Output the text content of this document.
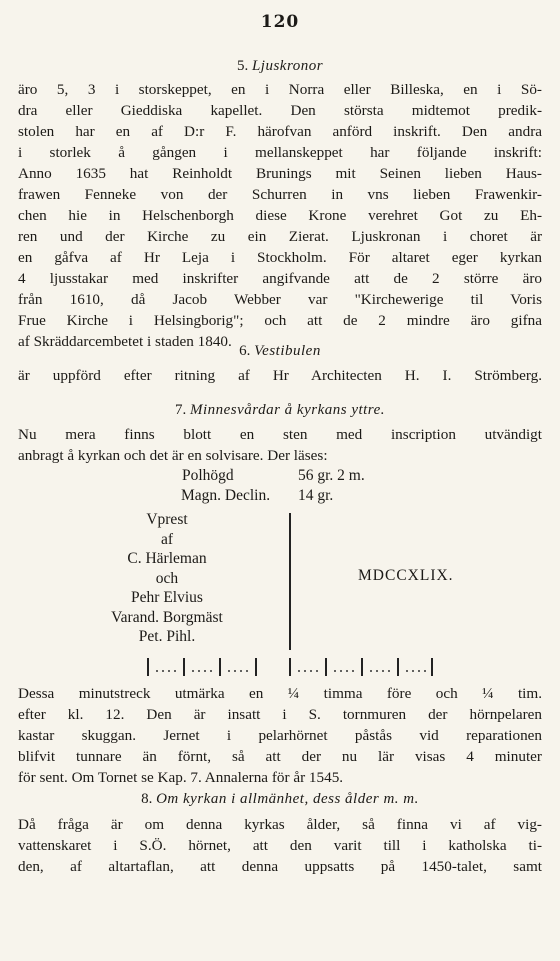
120
5. Ljuskronor
äro 5, 3 i storskeppet, en i Norra eller Billeska, en i Sö-
dra eller Gieddiska kapellet. Den största midtemot predik-
stolen har en af D:r F. härofvan anförd inskrift. Den andra
i storlek å gången i mellanskeppet har följande inskrift:
Anno 1635 hat Reinholdt Brunings mit Seinen lieben Haus-
frawen Fenneke von der Schurren in vns lieben Frawenkir-
chen hie in Helschenborgh diese Krone verehret Got zu Eh-
ren und der Kirche zu ein Zierat. Ljuskronan i choret är
en gåfva af Hr Leja i Stockholm. För altaret eger kyrkan
4 ljusstakar med inskrifter angifvande att de 2 större äro
från 1610, då Jacob Webber var "Kirchewerige til Voris
Frue Kirche i Helsingborig"; och att de 2 mindre äro gifna
af Skräddarcembetet i staden 1840.
6. Vestibulen
är uppförd efter ritning af Hr Architecten H. I. Strömberg.
7. Minnesvårdar å kyrkans yttre.
Nu mera finns blott en sten med inscription utvändigt
anbragt å kyrkan och det är en solvisare. Der läses:
Polhögd	56 gr. 2 m.
Magn. Declin. 14 gr.
Vprest
af
C. Härleman
och
Pehr Elvius
Varand. Borgmäst
Pet. Pihl.
MDCCXLIX.
Dessa minutstreck utmärka en ¼ timma före och ¼ tim.
efter kl. 12. Den är insatt i S. tornmuren der hörnpelaren
kastar skuggan. Jernet i pelarhörnet påstås vid reparationen
blifvit tunnare än förnt, så att der nu lär visas 4 minuter
för sent. Om Tornet se Kap. 7. Annalerna för år 1545.
8. Om kyrkan i allmänhet, dess ålder m. m.
Då fråga är om denna kyrkas ålder, så finna vi af vig-
vattenskaret i S.Ö. hörnet, att den varit till i katholska ti-
den, af altartaflan, att denna uppsatts på 1450-talet, samt
